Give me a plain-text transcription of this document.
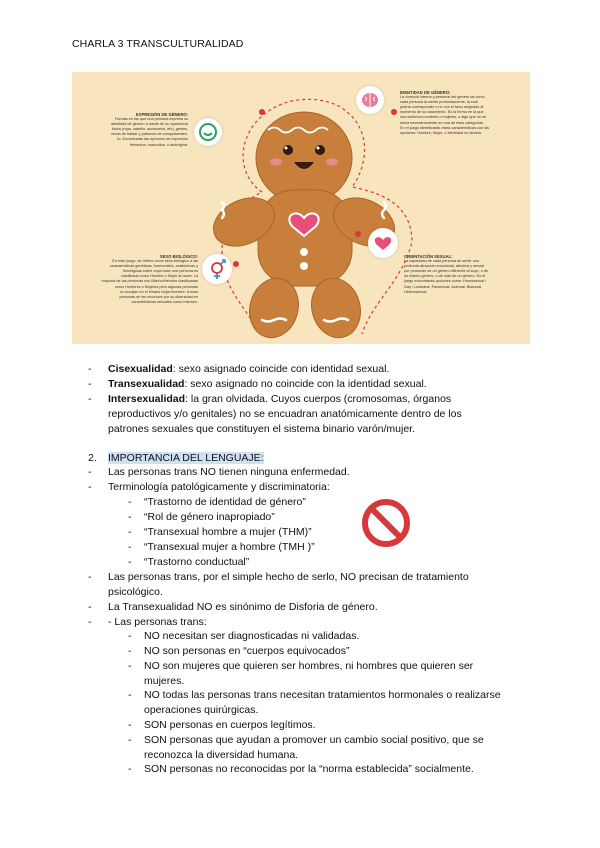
CHARLA 3 TRANSCULTURALIDAD
EXPRESIÓN DE GÉNERO:
Formas en las que una persona expresa su
identidad de género a través de su apariencia
física (ropa, cabello, accesorios, etc), gestos,
modo de hablar y patrones de comportamien-
to. Encontrarás las opciones de expresión
femenina, masculina, o andrógina.
IDENTIDAD DE GÉNERO:
La vivencia interna y personal del género tal como
cada persona la siente profundamente, la cual
podría corresponder o no con el sexo asignado al
momento de su nacimiento. Es la forma en la que
nos sentimos hombres o mujeres, o algo que no se
ubica necesariamente en una de esas categorías.
En el juego identificarás estas características con las
opciones: Hombre, Mujer, o Identidad no binaria.
SEXO BIOLÓGICO:
En este juego, se refiere como sexo biológico a las
características genéticas, hormonales, anatómicas y
fisiológicas sobre cuya base una persona es
clasificada como Hombre o Mujer al nacer. La
mayoría de las personas son Macho/Hembre clasificadas
como Hombres o Mujeres pero algunas personas
no encajan en el binario mujer/hombre. A esas
personas se les reconoce por su diversidad en
características sexuales como Intersex.
ORIENTACIÓN SEXUAL:
La capacidad de cada persona de sentir una
profunda atracción emocional, afectiva y sexual
por personas de un género diferente al suyo, o de
un mismo género, o de más de un género. En el
juego encontrarás opciones como: Homosexual /
Gay / Lesbiana, Pansexual, Asexual, Bisexual,
Heterosexual.
- Cisexualidad: sexo asignado coincide con identidad sexual.
- Transexualidad: sexo asignado no coincide con la identidad sexual.
- Intersexualidad: la gran olvidada. Cuyos cuerpos (cromosomas, órganos
reproductivos y/o genitales) no se encuadran anatómicamente dentro de los
patrones sexuales que constituyen el sistema binario varón/mujer.
2. IMPORTANCIA DEL LENGUAJE:
- Las personas trans NO tienen ninguna enfermedad.
- Terminología patológicamente y discriminatoria:
- “Trastorno de identidad de género”
- “Rol de género inapropiado”
- “Transexual hombre a mujer (THM)”
- “Transexual mujer a hombre (TMH )”
- “Trastorno conductual”
- Las personas trans, por el simple hecho de serlo, NO precisan de tratamiento
psicológico.
- La Transexualidad NO es sinónimo de Disforia de género.
- - Las personas trans:
- NO necesitan ser diagnosticadas ni validadas.
- NO son personas en “cuerpos equivocados”
- NO son mujeres que quieren ser hombres, ni hombres que quieren ser
mujeres.
- NO todas las personas trans necesitan tratamientos hormonales o realizarse
operaciones quirúrgicas.
- SON personas en cuerpos legítimos.
- SON personas que ayudan a promover un cambio social positivo, que se
reconozca la diversidad humana.
- SON personas no reconocidas por la “norma establecida” socialmente.
